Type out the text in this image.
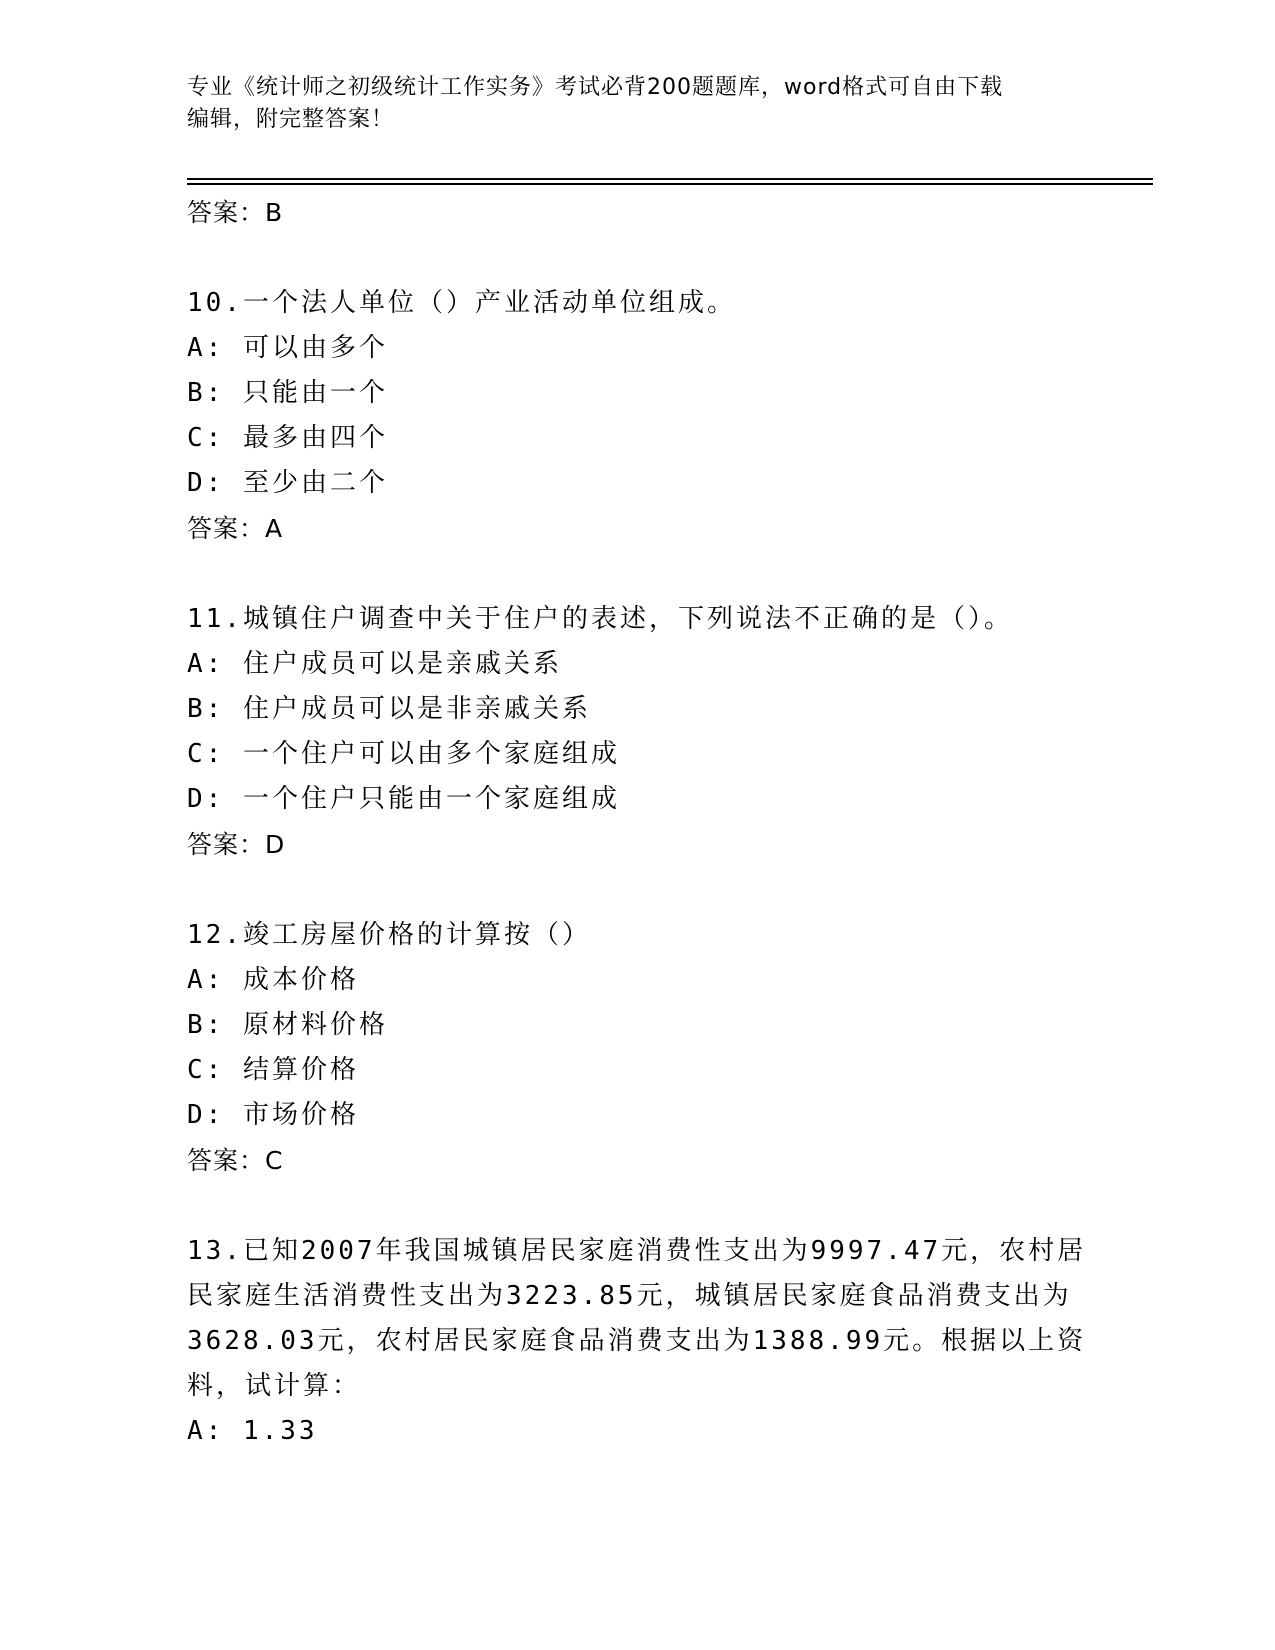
专业《统计师之初级统计工作实务》考试必背200题题库，word格式可自由下载
编辑，附完整答案！
答案：B
10.一个法人单位（）产业活动单位组成。
A: 可以由多个
B: 只能由一个
C: 最多由四个
D: 至少由二个
答案：A
11.城镇住户调查中关于住户的表述，下列说法不正确的是（）。
A: 住户成员可以是亲戚关系
B: 住户成员可以是非亲戚关系
C: 一个住户可以由多个家庭组成
D: 一个住户只能由一个家庭组成
答案：D
12.竣工房屋价格的计算按（）
A: 成本价格
B: 原材料价格
C: 结算价格
D: 市场价格
答案：C
13.已知2007年我国城镇居民家庭消费性支出为9997.47元，农村居
民家庭生活消费性支出为3223.85元，城镇居民家庭食品消费支出为
3628.03元，农村居民家庭食品消费支出为1388.99元。根据以上资
料，试计算：
A: 1.33
